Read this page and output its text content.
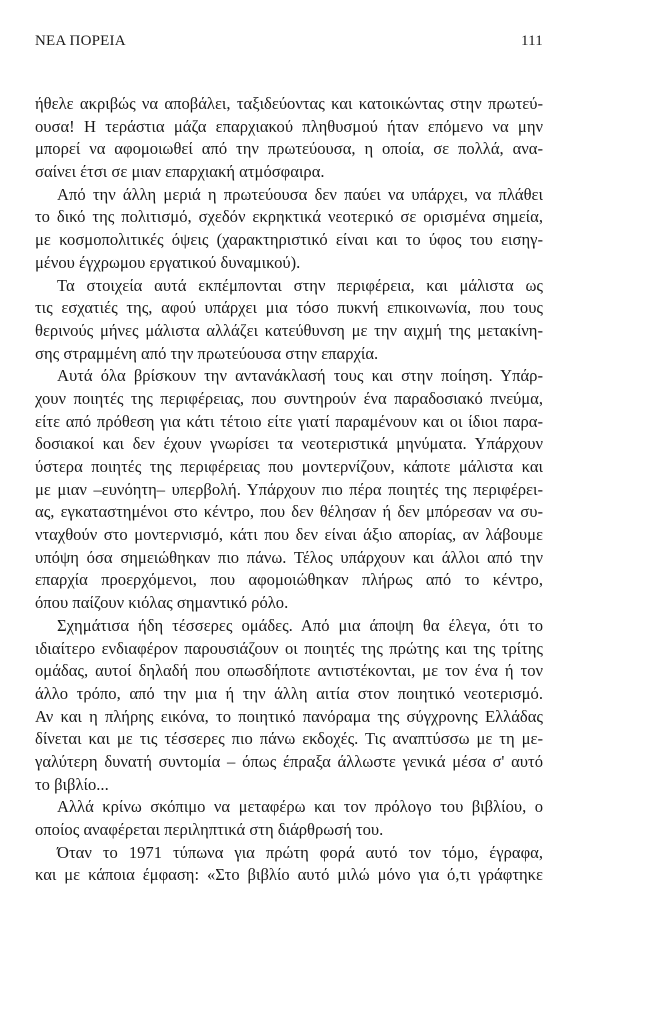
ΝΕΑ ΠΟΡΕΙΑ	111
ήθελε ακριβώς να αποβάλει, ταξιδεύοντας και κατοικώντας στην πρωτεύ-
ουσα! Η τεράστια μάζα επαρχιακού πληθυσμού ήταν επόμενο να μην
μπορεί να αφομοιωθεί από την πρωτεύουσα, η οποία, σε πολλά, ανα-
σαίνει έτσι σε μιαν επαρχιακή ατμόσφαιρα.
Από την άλλη μεριά η πρωτεύουσα δεν παύει να υπάρχει, να πλάθει
το δικό της πολιτισμό, σχεδόν εκρηκτικά νεοτερικό σε ορισμένα σημεία,
με κοσμοπολιτικές όψεις (χαρακτηριστικό είναι και το ύφος του εισηγ-
μένου έγχρωμου εργατικού δυναμικού).
Τα στοιχεία αυτά εκπέμπονται στην περιφέρεια, και μάλιστα ως
τις εσχατιές της, αφού υπάρχει μια τόσο πυκνή επικοινωνία, που τους
θερινούς μήνες μάλιστα αλλάζει κατεύθυνση με την αιχμή της μετακίνη-
σης στραμμένη από την πρωτεύουσα στην επαρχία.
Αυτά όλα βρίσκουν την αντανάκλασή τους και στην ποίηση. Υπάρ-
χουν ποιητές της περιφέρειας, που συντηρούν ένα παραδοσιακό πνεύμα,
είτε από πρόθεση για κάτι τέτοιο είτε γιατί παραμένουν και οι ίδιοι παρα-
δοσιακοί και δεν έχουν γνωρίσει τα νεοτεριστικά μηνύματα. Υπάρχουν
ύστερα ποιητές της περιφέρειας που μοντερνίζουν, κάποτε μάλιστα και
με μιαν –ευνόητη– υπερβολή. Υπάρχουν πιο πέρα ποιητές της περιφέρει-
ας, εγκαταστημένοι στο κέντρο, που δεν θέλησαν ή δεν μπόρεσαν να συ-
νταχθούν στο μοντερνισμό, κάτι που δεν είναι άξιο απορίας, αν λάβουμε
υπόψη όσα σημειώθηκαν πιο πάνω. Τέλος υπάρχουν και άλλοι από την
επαρχία προερχόμενοι, που αφομοιώθηκαν πλήρως από το κέντρο,
όπου παίζουν κιόλας σημαντικό ρόλο.
Σχημάτισα ήδη τέσσερες ομάδες. Από μια άποψη θα έλεγα, ότι το
ιδιαίτερο ενδιαφέρον παρουσιάζουν οι ποιητές της πρώτης και της τρίτης
ομάδας, αυτοί δηλαδή που οπωσδήποτε αντιστέκονται, με τον ένα ή τον
άλλο τρόπο, από την μια ή την άλλη αιτία στον ποιητικό νεοτερισμό.
Αν και η πλήρης εικόνα, το ποιητικό πανόραμα της σύγχρονης Ελλάδας
δίνεται και με τις τέσσερες πιο πάνω εκδοχές. Τις αναπτύσσω με τη με-
γαλύτερη δυνατή συντομία – όπως έπραξα άλλωστε γενικά μέσα σ' αυτό
το βιβλίο...
Αλλά κρίνω σκόπιμο να μεταφέρω και τον πρόλογο του βιβλίου, ο
οποίος αναφέρεται περιληπτικά στη διάρθρωσή του.
Όταν το 1971 τύπωνα για πρώτη φορά αυτό τον τόμο, έγραφα,
και με κάποια έμφαση: «Στο βιβλίο αυτό μιλώ μόνο για ό,τι γράφτηκε
